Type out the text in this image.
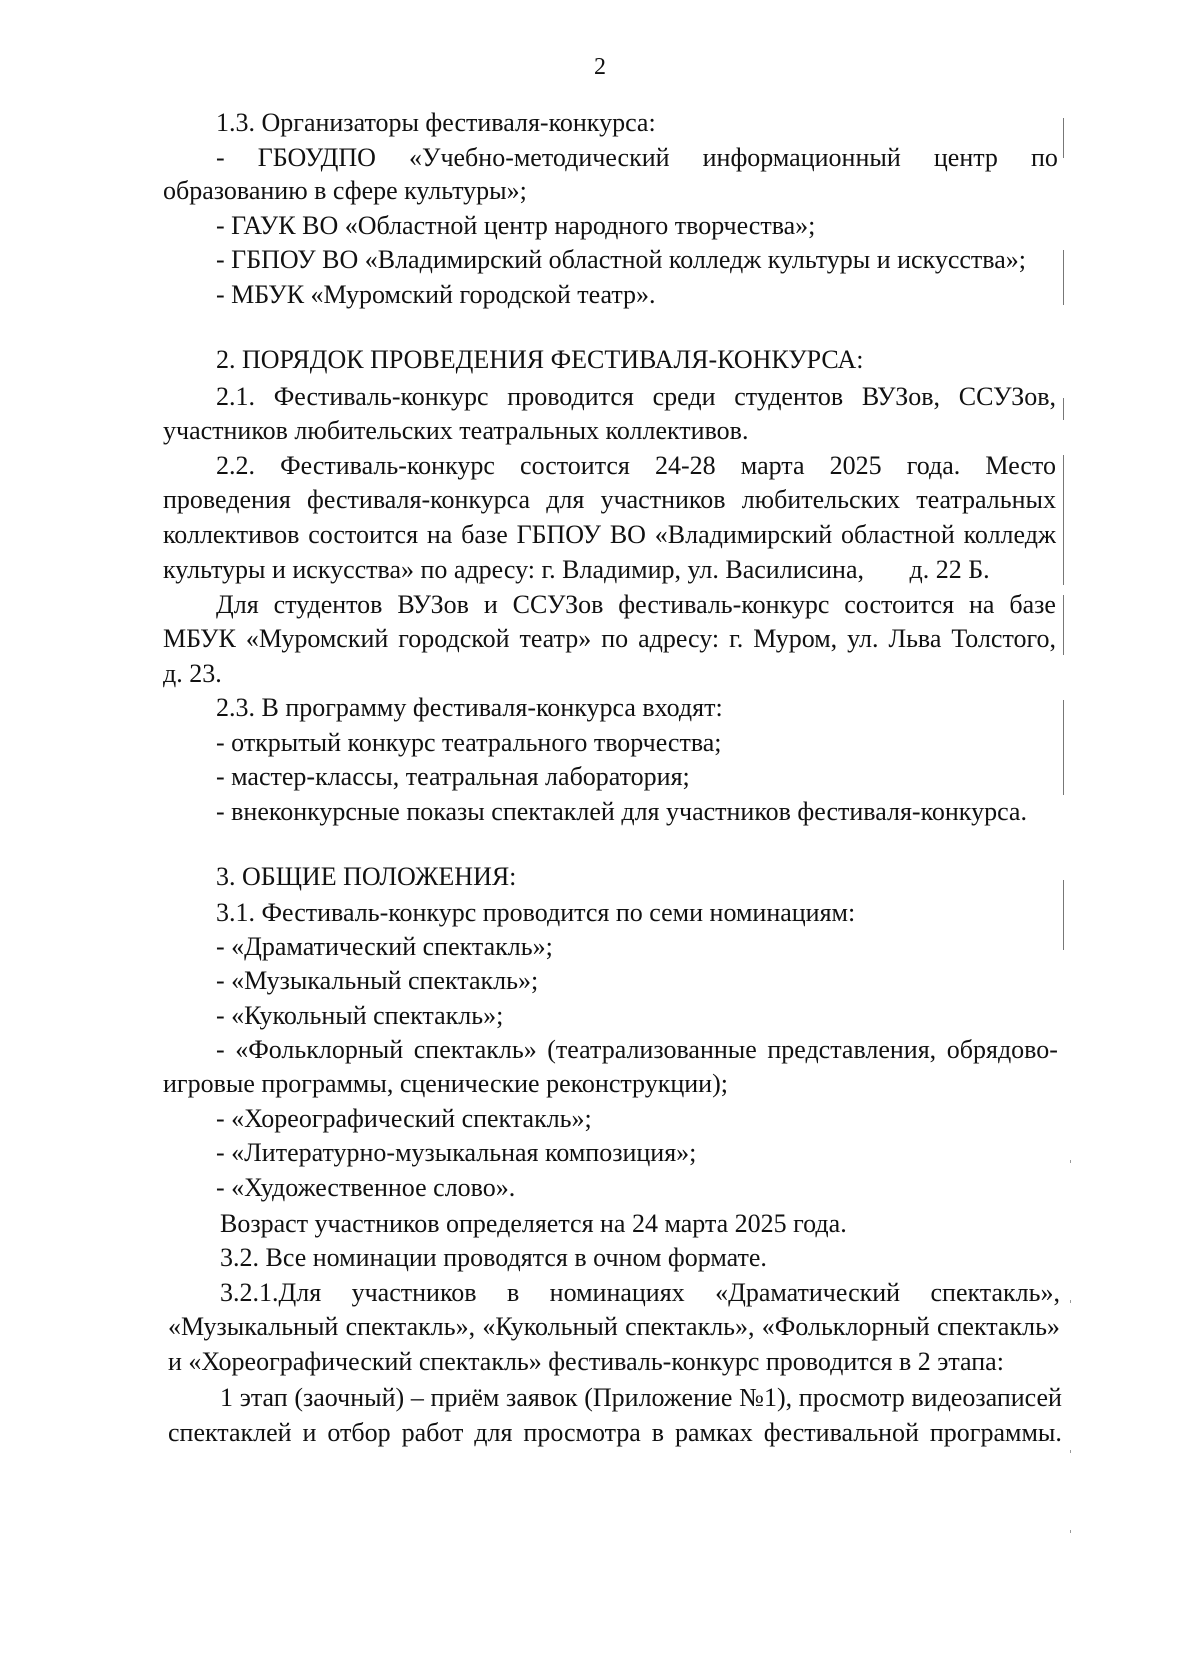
2
1.3. Организаторы фестиваля-конкурса:
- ГБОУДПО «Учебно-методический информационный центр по
образованию в сфере культуры»;
- ГАУК ВО «Областной центр народного творчества»;
- ГБПОУ ВО «Владимирский областной колледж культуры и искусства»;
- МБУК «Муромский городской театр».
2. ПОРЯДОК ПРОВЕДЕНИЯ ФЕСТИВАЛЯ-КОНКУРСА:
2.1. Фестиваль-конкурс проводится среди студентов ВУЗов, ССУЗов,
участников любительских театральных коллективов.
2.2. Фестиваль-конкурс состоится 24-28 марта 2025 года. Место
проведения фестиваля-конкурса для участников любительских театральных
коллективов состоится на базе ГБПОУ ВО «Владимирский областной колледж
культуры и искусства» по адресу: г. Владимир, ул. Василисина,       д. 22 Б.
Для студентов ВУЗов и ССУЗов фестиваль-конкурс состоится на базе
МБУК «Муромский городской театр» по адресу: г. Муром, ул. Льва Толстого,
д. 23.
2.3. В программу фестиваля-конкурса входят:
- открытый конкурс театрального творчества;
- мастер-классы, театральная лаборатория;
- внеконкурсные показы спектаклей для участников фестиваля-конкурса.
3. ОБЩИЕ ПОЛОЖЕНИЯ:
3.1. Фестиваль-конкурс проводится по семи номинациям:
- «Драматический спектакль»;
- «Музыкальный спектакль»;
- «Кукольный спектакль»;
- «Фольклорный спектакль» (театрализованные представления, обрядово-
игровые программы, сценические реконструкции);
- «Хореографический спектакль»;
- «Литературно-музыкальная композиция»;
- «Художественное слово».
Возраст участников определяется на 24 марта 2025 года.
3.2. Все номинации проводятся в очном формате.
3.2.1.Для участников в номинациях «Драматический спектакль»,
«Музыкальный спектакль», «Кукольный спектакль», «Фольклорный спектакль»
и «Хореографический спектакль» фестиваль-конкурс проводится в 2 этапа:
1 этап (заочный) – приём заявок (Приложение №1), просмотр видеозаписей
спектаклей и отбор работ для просмотра в рамках фестивальной программы.
